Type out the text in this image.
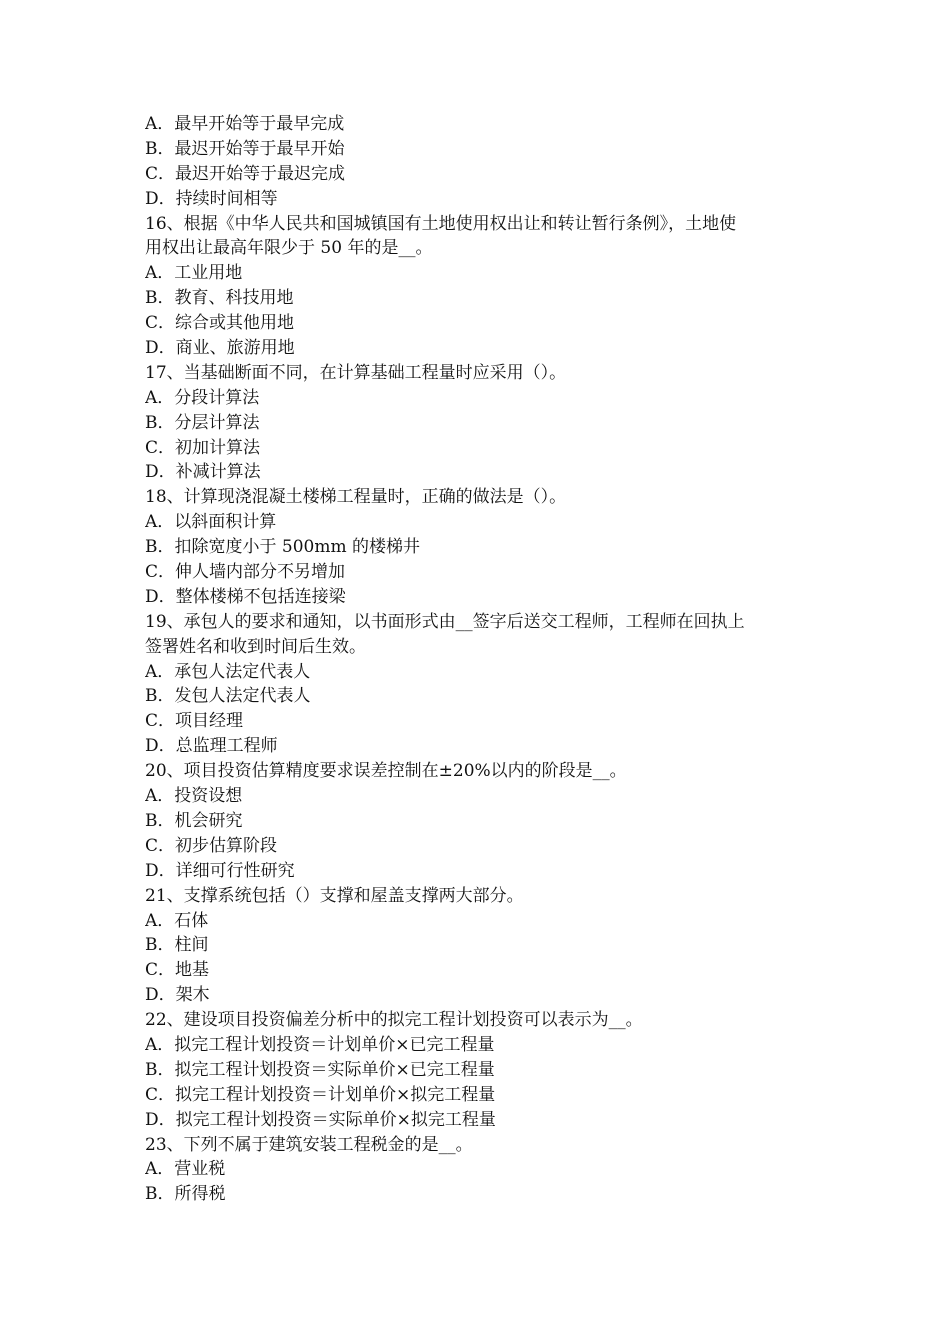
A．最早开始等于最早完成
B．最迟开始等于最早开始
C．最迟开始等于最迟完成
D．持续时间相等
16、根据《中华人民共和国城镇国有土地使用权出让和转让暂行条例》，土地使
用权出让最高年限少于 50 年的是__。
A．工业用地
B．教育、科技用地
C．综合或其他用地
D．商业、旅游用地
17、当基础断面不同，在计算基础工程量时应采用（）。
A．分段计算法
B．分层计算法
C．初加计算法
D．补减计算法
18、计算现浇混凝土楼梯工程量时，正确的做法是（）。
A．以斜面积计算
B．扣除宽度小于 500mm 的楼梯井
C．伸人墙内部分不另增加
D．整体楼梯不包括连接梁
19、承包人的要求和通知，以书面形式由__签字后送交工程师，工程师在回执上
签署姓名和收到时间后生效。
A．承包人法定代表人
B．发包人法定代表人
C．项目经理
D．总监理工程师
20、项目投资估算精度要求误差控制在±20%以内的阶段是__。
A．投资设想
B．机会研究
C．初步估算阶段
D．详细可行性研究
21、支撑系统包括（）支撑和屋盖支撑两大部分。
A．石体
B．柱间
C．地基
D．架木
22、建设项目投资偏差分析中的拟完工程计划投资可以表示为__。
A．拟完工程计划投资＝计划单价×已完工程量
B．拟完工程计划投资＝实际单价×已完工程量
C．拟完工程计划投资＝计划单价×拟完工程量
D．拟完工程计划投资＝实际单价×拟完工程量
23、下列不属于建筑安装工程税金的是__。
A．营业税
B．所得税
